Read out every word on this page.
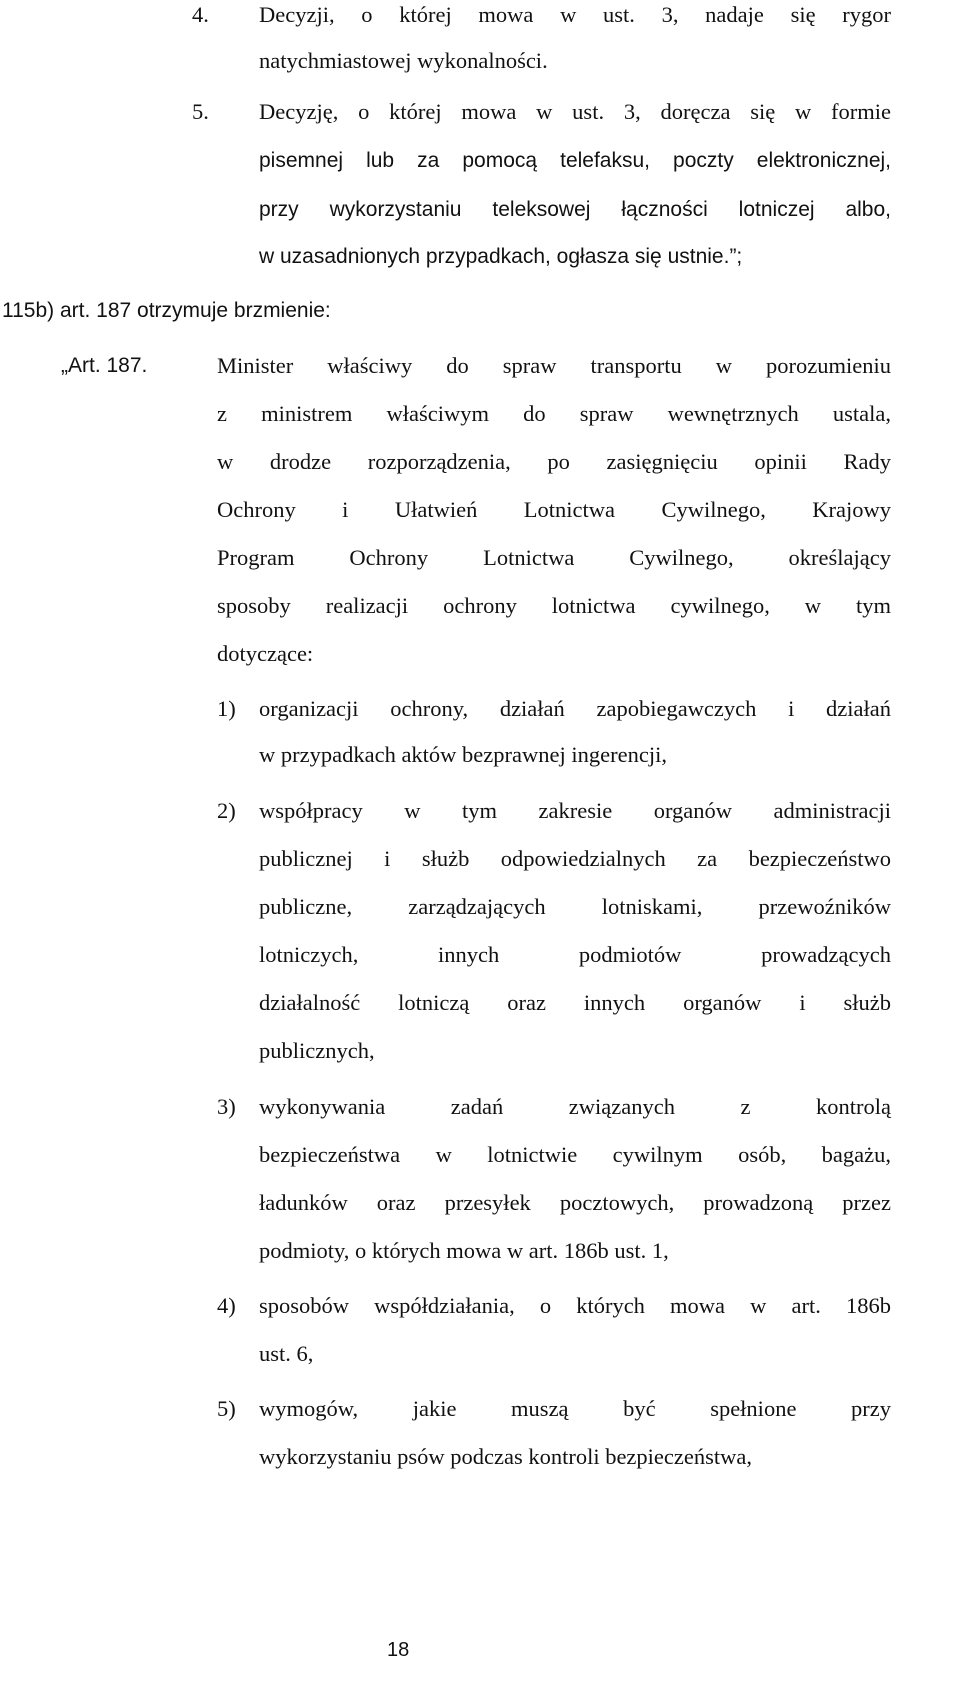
4. Decyzji, o której mowa w ust. 3, nadaje się rygor
natychmiastowej wykonalności.
5. Decyzję, o której mowa w ust. 3, doręcza się w formie
pisemnej lub za pomocą telefaksu, poczty elektronicznej,
przy wykorzystaniu teleksowej łączności lotniczej albo,
w uzasadnionych przypadkach, ogłasza się ustnie.”;
115b) art. 187 otrzymuje brzmienie:
„Art. 187.	Minister właściwy do spraw transportu w porozumieniu
z ministrem właściwym do spraw wewnętrznych ustala,
w drodze rozporządzenia, po zasięgnięciu opinii Rady
Ochrony i Ułatwień Lotnictwa Cywilnego, Krajowy
Program Ochrony Lotnictwa Cywilnego, określający
sposoby realizacji ochrony lotnictwa cywilnego, w tym
dotyczące:
1) organizacji ochrony, działań zapobiegawczych i działań
w przypadkach aktów bezprawnej ingerencji,
2) współpracy w tym zakresie organów administracji
publicznej i służb odpowiedzialnych za bezpieczeństwo
publiczne, zarządzających lotniskami, przewoźników
lotniczych, innych podmiotów prowadzących
działalność lotniczą oraz innych organów i służb
publicznych,
3) wykonywania zadań związanych z kontrolą
bezpieczeństwa w lotnictwie cywilnym osób, bagażu,
ładunków oraz przesyłek pocztowych, prowadzoną przez
podmioty, o których mowa w art. 186b ust. 1,
4) sposobów współdziałania, o których mowa w art. 186b
ust. 6,
5) wymogów, jakie muszą być spełnione przy
wykorzystaniu psów podczas kontroli bezpieczeństwa,
18
